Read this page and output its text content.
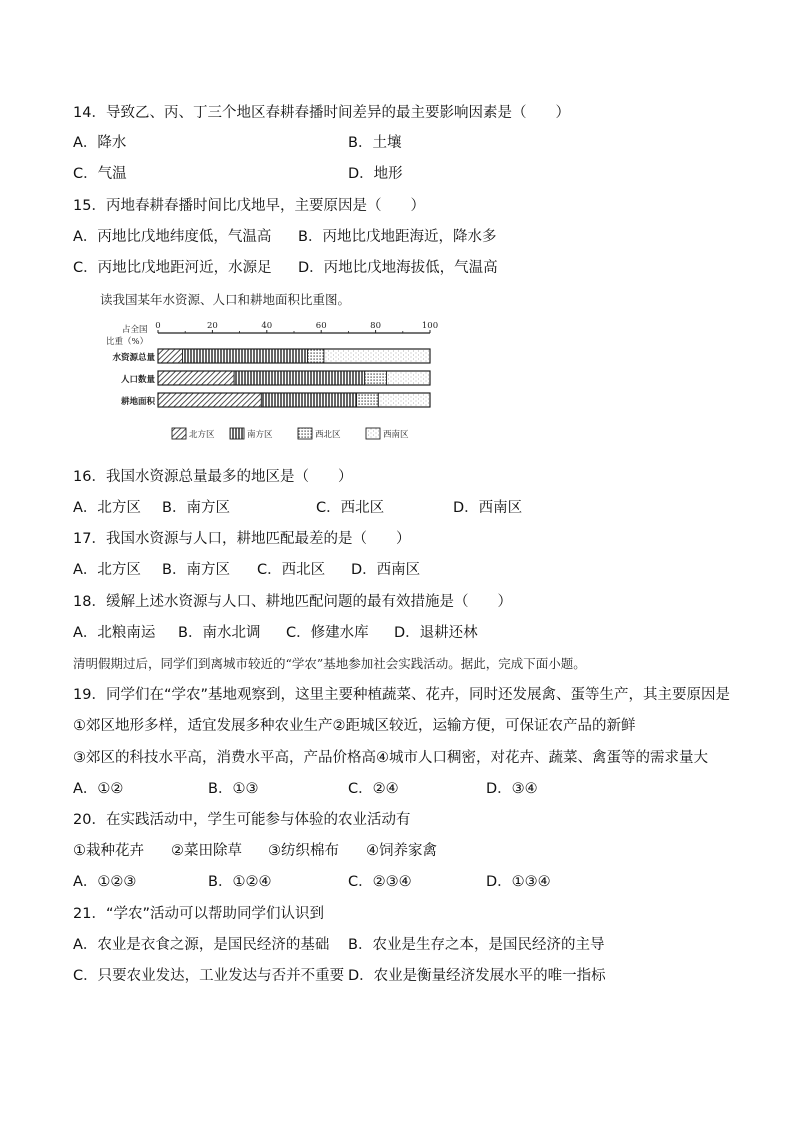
14．导致乙、丙、丁三个地区春耕春播时间差异的最主要影响因素是（　　）
A．降水	B．土壤
C．气温	D．地形
15．丙地春耕春播时间比戊地早，主要原因是（　　）
A．丙地比戊地纬度低，气温高 B．丙地比戊地距海近，降水多
C．丙地比戊地距河近，水源足 D．丙地比戊地海拔低，气温高
读我国某年水资源、人口和耕地面积比重图。
占全国
比重（%）
0	20	40	60	80	100
水资源总量
人口数量
耕地面积
北方区	南方区	西北区	西南区
16．我国水资源总量最多的地区是（　　）
A．北方区 B．南方区	C．西北区	D．西南区
17．我国水资源与人口，耕地匹配最差的是（　　）
A．北方区 B．南方区 C．西北区 D．西南区
18．缓解上述水资源与人口、耕地匹配问题的最有效措施是（　　）
A．北粮南运 B．南水北调 C．修建水库 D．退耕还林
清明假期过后，同学们到离城市较近的“学农”基地参加社会实践活动。据此，完成下面小题。
19．同学们在“学农”基地观察到，这里主要种植蔬菜、花卉，同时还发展禽、蛋等生产，其主要原因是
①郊区地形多样，适宜发展多种农业生产②距城区较近，运输方便，可保证农产品的新鲜
③郊区的科技水平高，消费水平高，产品价格高④城市人口稠密，对花卉、蔬菜、禽蛋等的需求量大
A．①②	B．①③	C．②④	D．③④
20．在实践活动中，学生可能参与体验的农业活动有
①栽种花卉 ②菜田除草 ③纺织棉布 ④饲养家禽
A．①②③	B．①②④	C．②③④	D．①③④
21．“学农”活动可以帮助同学们认识到
A．农业是衣食之源，是国民经济的基础 B．农业是生存之本，是国民经济的主导
C．只要农业发达，工业发达与否并不重要 D．农业是衡量经济发展水平的唯一指标
